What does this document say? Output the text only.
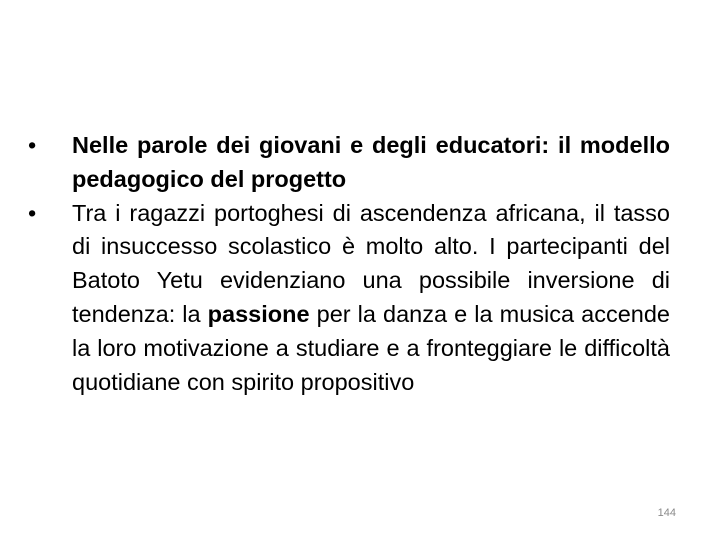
•	Nelle parole dei giovani e degli educatori: il modello pedagogico del progetto
•	Tra i ragazzi portoghesi di ascendenza africana, il tasso di insuccesso scolastico è molto alto. I partecipanti del Batoto Yetu evidenziano una possibile inversione di tendenza: la passione per la danza e la musica accende la loro motivazione a studiare e a fronteggiare le difficoltà quotidiane con spirito propositivo
144
